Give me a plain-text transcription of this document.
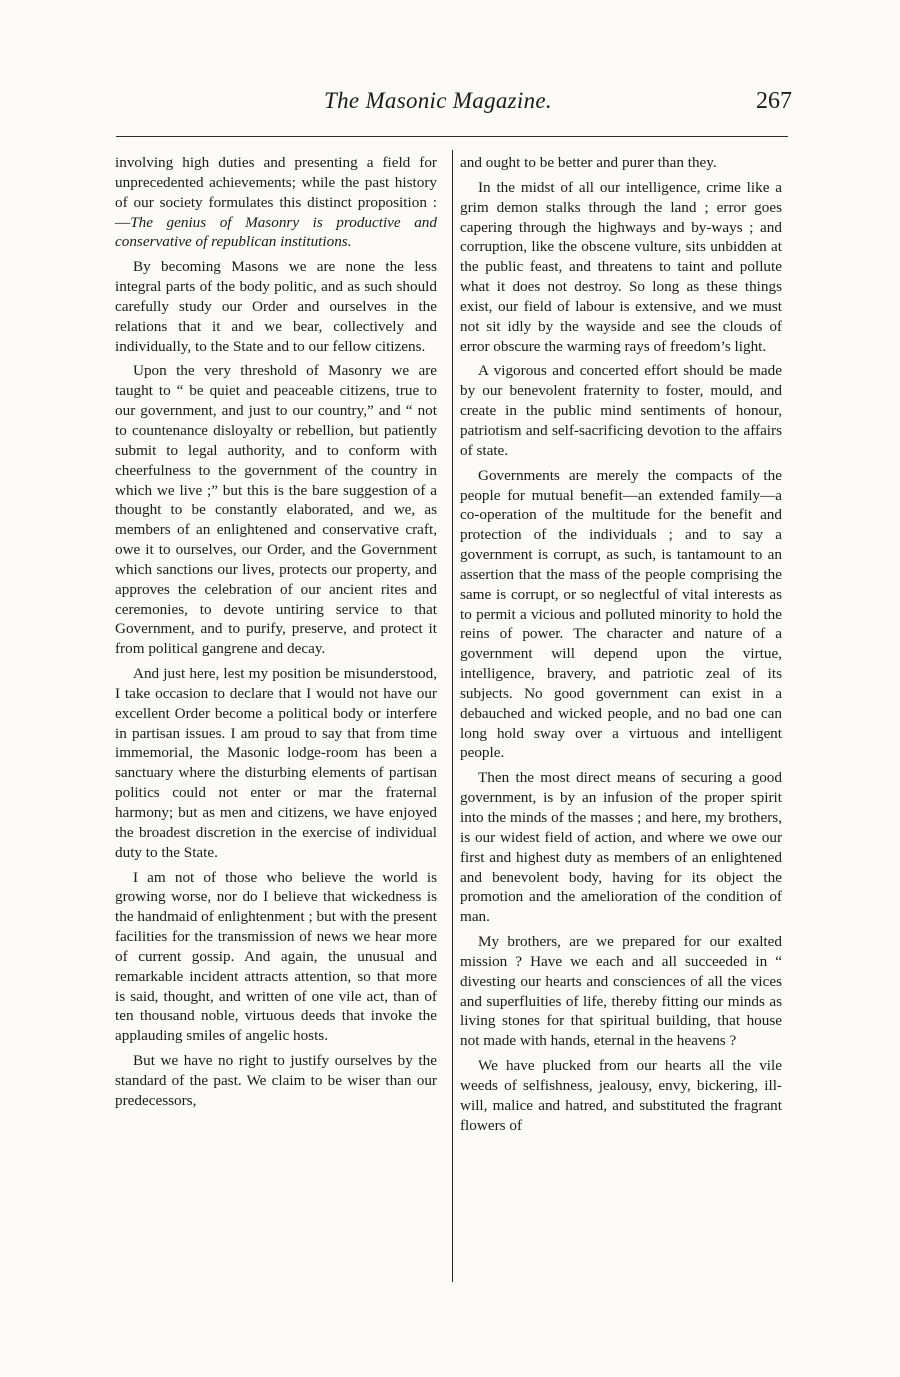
The Masonic Magazine.	267

involving high duties and presenting a field for unprecedented achievements; while the past history of our society formulates this distinct proposition :—The genius of Masonry is productive and conservative of republican institutions.

By becoming Masons we are none the less integral parts of the body politic, and as such should carefully study our Order and ourselves in the relations that it and we bear, collectively and individually, to the State and to our fellow citizens.

Upon the very threshold of Masonry we are taught to “ be quiet and peaceable citizens, true to our government, and just to our country,” and “ not to countenance disloyalty or rebellion, but patiently submit to legal authority, and to conform with cheerfulness to the government of the country in which we live ;” but this is the bare suggestion of a thought to be constantly elaborated, and we, as members of an enlightened and conservative craft, owe it to ourselves, our Order, and the Government which sanctions our lives, protects our property, and approves the celebration of our ancient rites and ceremonies, to devote untiring service to that Government, and to purify, preserve, and protect it from political gangrene and decay.

And just here, lest my position be misunderstood, I take occasion to declare that I would not have our excellent Order become a political body or interfere in partisan issues. I am proud to say that from time immemorial, the Masonic lodge-room has been a sanctuary where the disturbing elements of partisan politics could not enter or mar the fraternal harmony; but as men and citizens, we have enjoyed the broadest discretion in the exercise of individual duty to the State.

I am not of those who believe the world is growing worse, nor do I believe that wickedness is the handmaid of enlightenment ; but with the present facilities for the transmission of news we hear more of current gossip. And again, the unusual and remarkable incident attracts attention, so that more is said, thought, and written of one vile act, than of ten thousand noble, virtuous deeds that invoke the applauding smiles of angelic hosts.

But we have no right to justify ourselves by the standard of the past. We claim to be wiser than our predecessors,

and ought to be better and purer than they.

In the midst of all our intelligence, crime like a grim demon stalks through the land ; error goes capering through the highways and by-ways ; and corruption, like the obscene vulture, sits unbidden at the public feast, and threatens to taint and pollute what it does not destroy. So long as these things exist, our field of labour is extensive, and we must not sit idly by the wayside and see the clouds of error obscure the warming rays of freedom’s light.

A vigorous and concerted effort should be made by our benevolent fraternity to foster, mould, and create in the public mind sentiments of honour, patriotism and self-sacrificing devotion to the affairs of state.

Governments are merely the compacts of the people for mutual benefit—an extended family—a co-operation of the multitude for the benefit and protection of the individuals ; and to say a government is corrupt, as such, is tantamount to an assertion that the mass of the people comprising the same is corrupt, or so neglectful of vital interests as to permit a vicious and polluted minority to hold the reins of power. The character and nature of a government will depend upon the virtue, intelligence, bravery, and patriotic zeal of its subjects. No good government can exist in a debauched and wicked people, and no bad one can long hold sway over a virtuous and intelligent people.

Then the most direct means of securing a good government, is by an infusion of the proper spirit into the minds of the masses ; and here, my brothers, is our widest field of action, and where we owe our first and highest duty as members of an enlightened and benevolent body, having for its object the promotion and the amelioration of the condition of man.

My brothers, are we prepared for our exalted mission ? Have we each and all succeeded in “ divesting our hearts and consciences of all the vices and superfluities of life, thereby fitting our minds as living stones for that spiritual building, that house not made with hands, eternal in the heavens ?

We have plucked from our hearts all the vile weeds of selfishness, jealousy, envy, bickering, ill-will, malice and hatred, and substituted the fragrant flowers of
